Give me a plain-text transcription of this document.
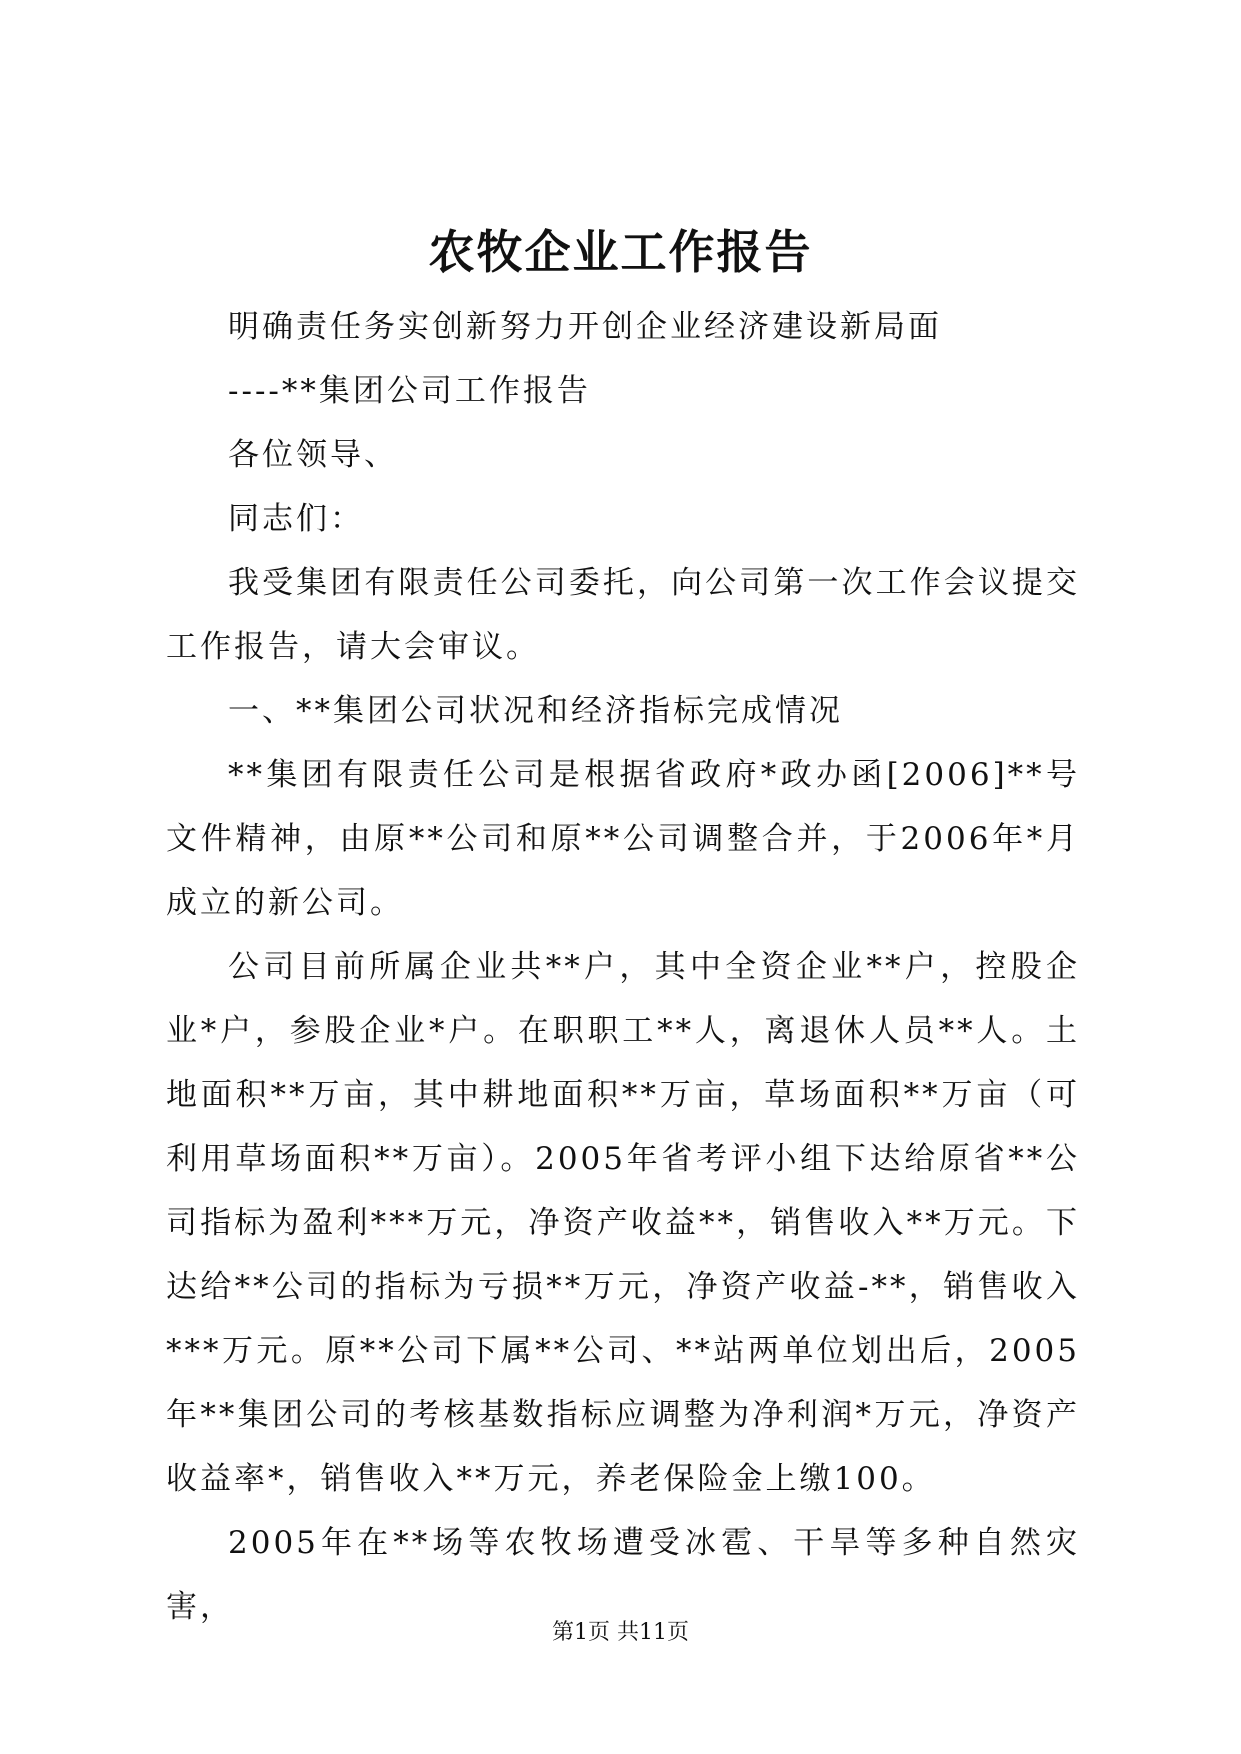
农牧企业工作报告

明确责任务实创新努力开创企业经济建设新局面

----**集团公司工作报告

各位领导、

同志们：

我受集团有限责任公司委托，向公司第一次工作会议提交工作报告，请大会审议。

一、**集团公司状况和经济指标完成情况

**集团有限责任公司是根据省政府*政办函[2006]**号文件精神，由原**公司和原**公司调整合并，于2006年*月成立的新公司。

公司目前所属企业共**户，其中全资企业**户，控股企业*户，参股企业*户。在职职工**人，离退休人员**人。土地面积**万亩，其中耕地面积**万亩，草场面积**万亩（可利用草场面积**万亩）。2005年省考评小组下达给原省**公司指标为盈利***万元，净资产收益**，销售收入**万元。下达给**公司的指标为亏损**万元，净资产收益-**，销售收入***万元。原**公司下属**公司、**站两单位划出后，2005年**集团公司的考核基数指标应调整为净利润*万元，净资产收益率*，销售收入**万元，养老保险金上缴100。

2005年在**场等农牧场遭受冰雹、干旱等多种自然灾害，

第1页 共11页
